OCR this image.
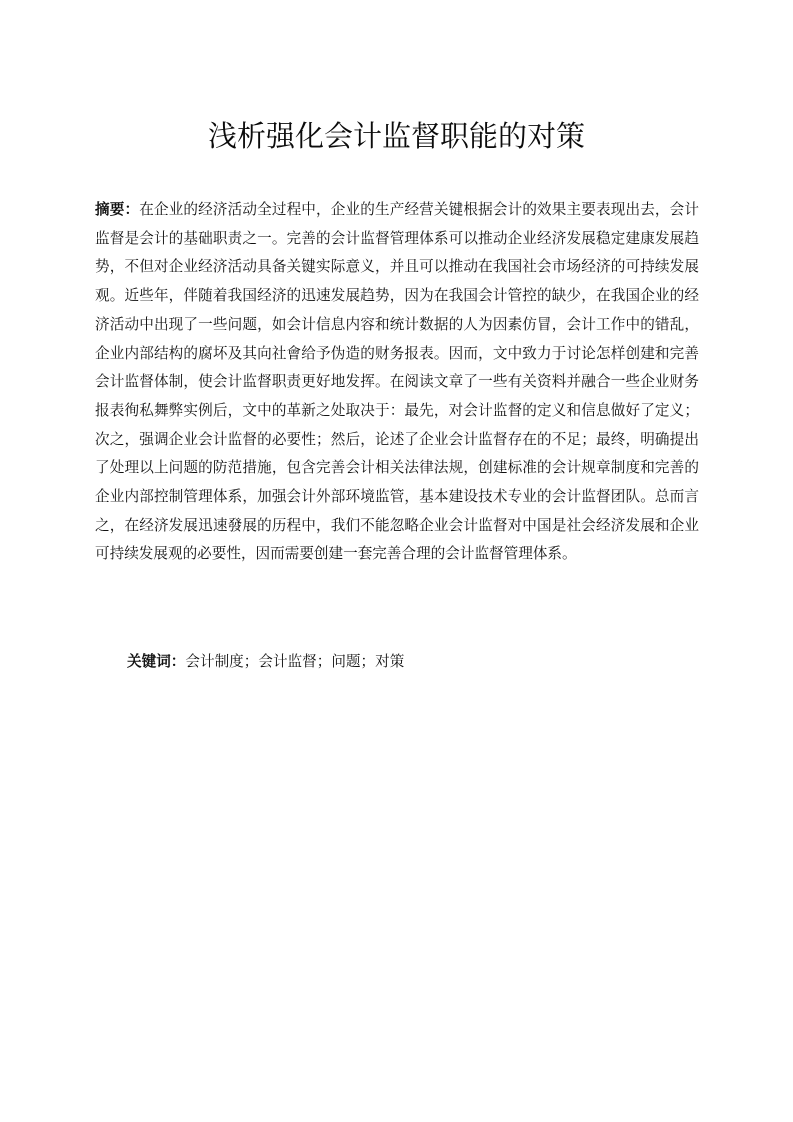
浅析强化会计监督职能的对策

摘要：在企业的经济活动全过程中，企业的生产经营关键根据会计的效果主要表现出去，会计监督是会计的基础职责之一。完善的会计监督管理体系可以推动企业经济发展稳定建康发展趋势，不但对企业经济活动具备关键实际意义，并且可以推动在我国社会市场经济的可持续发展观。近些年，伴随着我国经济的迅速发展趋势，因为在我国会计管控的缺少，在我国企业的经济活动中出现了一些问题，如会计信息内容和统计数据的人为因素仿冒，会计工作中的错乱，企业内部结构的腐坏及其向社會给予伪造的财务报表。因而，文中致力于讨论怎样创建和完善会计监督体制，使会计监督职责更好地发挥。在阅读文章了一些有关资料并融合一些企业财务报表徇私舞弊实例后，文中的革新之处取决于：最先，对会计监督的定义和信息做好了定义；次之，强调企业会计监督的必要性；然后，论述了企业会计监督存在的不足；最终，明确提出了处理以上问题的防范措施，包含完善会计相关法律法规，创建标准的会计规章制度和完善的企业内部控制管理体系，加强会计外部环境监管，基本建设技术专业的会计监督团队。总而言之，在经济发展迅速發展的历程中，我们不能忽略企业会计监督对中国是社会经济发展和企业可持续发展观的必要性，因而需要创建一套完善合理的会计监督管理体系。

关键词：会计制度；会计监督；问题；对策
